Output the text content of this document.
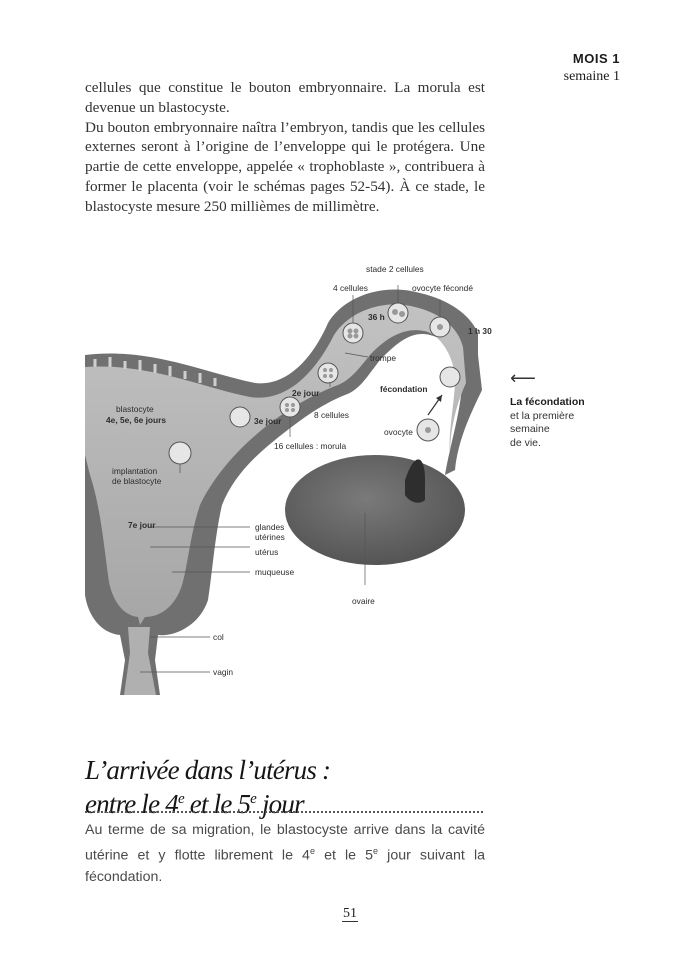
MOIS 1
semaine 1

cellules que constitue le bouton embryonnaire. La morula est devenue un blastocyste.

Du bouton embryonnaire naîtra l’embryon, tandis que les cellules externes seront à l’origine de l’enveloppe qui le protégera. Une partie de cette enveloppe, appelée « trophoblaste », contribuera à former le placenta (voir le schémas pages 52-54). À ce stade, le blastocyste mesure 250 millièmes de millimètre.

stade 2 cellules
4 cellules	ovocyte fécondé
36 h
1 h 30
trompe
fécondation
2e jour
8 cellules
blastocyte
4e, 5e, 6e jours	3e jour
ovocyte
16 cellules : morula
implantation
de blastocyte
7e jour	glandes
utérines
utérus
muqueuse
ovaire
col
vagin
⟵
La fécondation
et la première
semaine
de vie.
L’arrivée dans l’utérus :
entre le 4e et le 5e jour
Au terme de sa migration, le blastocyste arrive dans la cavité utérine et y flotte librement le 4e et le 5e jour suivant la fécondation.
51
